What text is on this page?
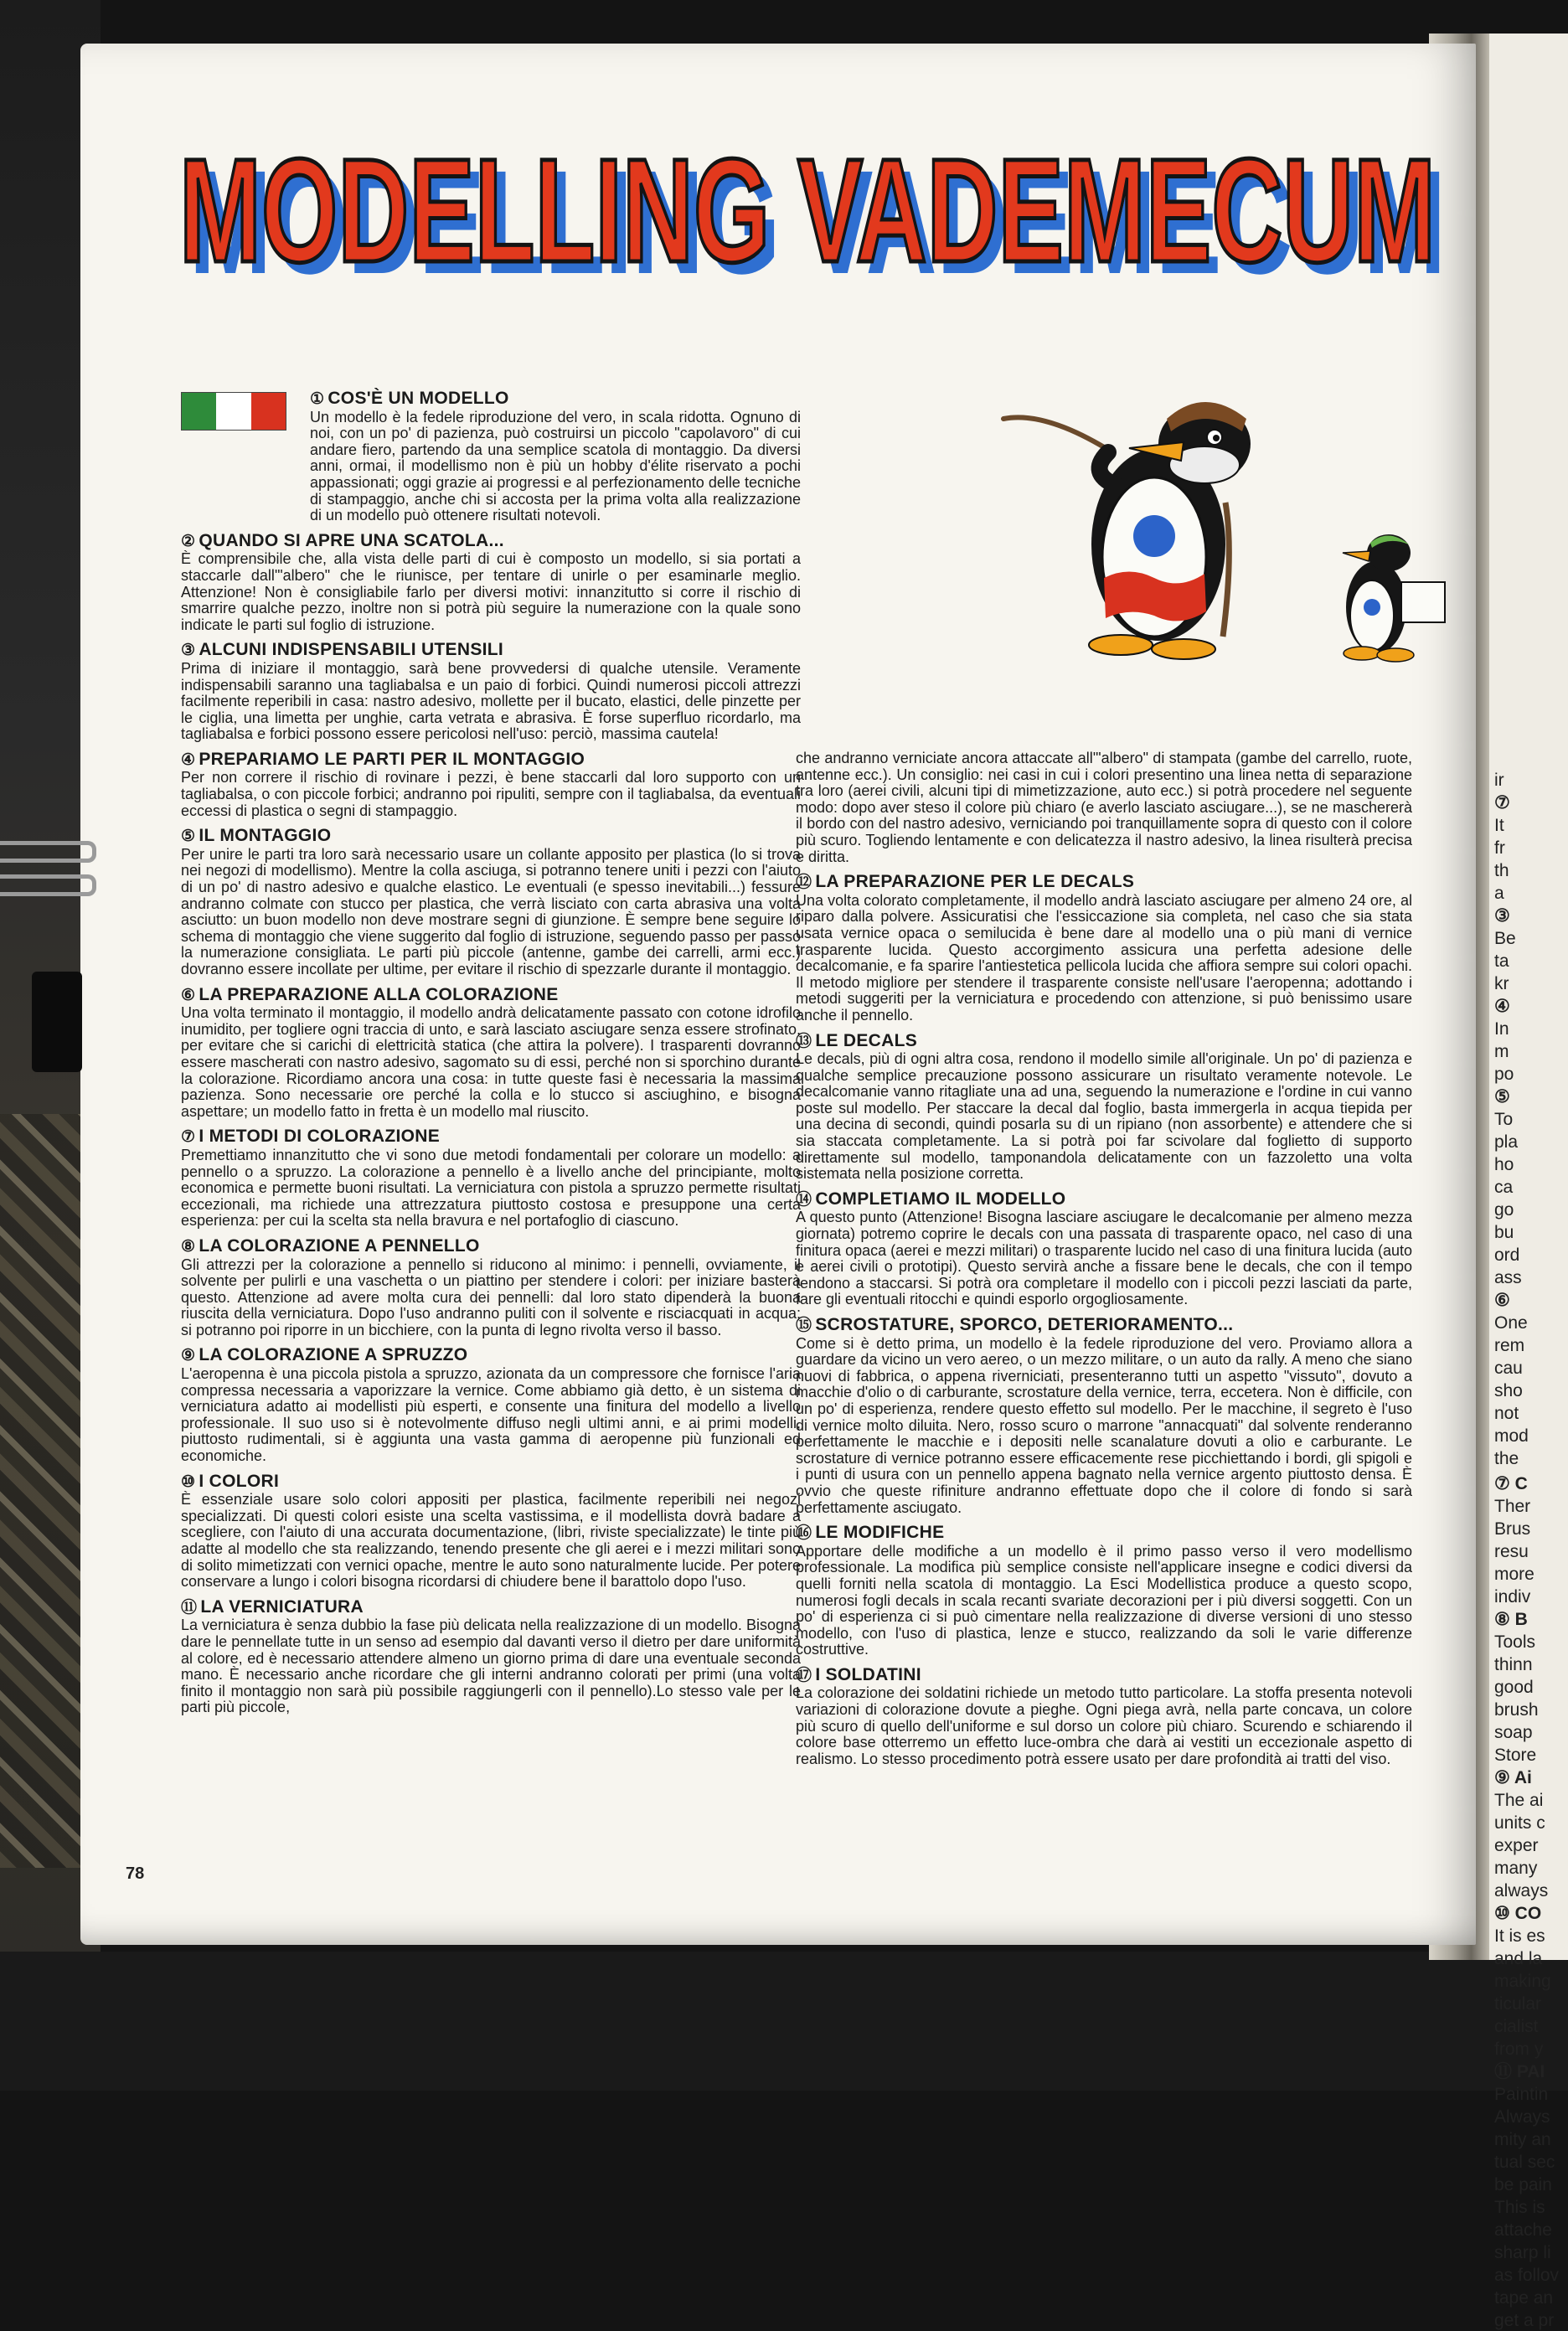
ir
⑦
It
fr
th
a
③
Be
ta
kr
④
In
m
po
⑤
To
pla
ho
ca
go
bu
ord
ass
⑥
One
rem
cau
sho
not
mod
the
⑦ C
Ther
Brus
resu
more
indiv
⑧ B
Tools
thinn
good
brush
soap
Store
⑨ Ai
The ai
units c
exper
many
always
⑩ CO
It is es
and la
making
ticular
cialist
from y
⑪ PAI
Paintin
Always
mity an
tual sec
be pain
This is
attache
sharp li
as follov
tape an
get a pr
MODELLING VADEMECUM
MODELLING VADEMECUM
① COS'È UN MODELLO

Un modello è la fedele riproduzione del vero, in scala ridotta. Ognuno di noi, con un po' di pazienza, può costruirsi un piccolo "capolavoro" di cui andare fiero, partendo da una semplice scatola di montaggio. Da diversi anni, ormai, il modellismo non è più un hobby d'élite riservato a pochi appassionati; oggi grazie ai progressi e al perfezionamento delle tecniche di stampaggio, anche chi si accosta per la prima volta alla realizzazione di un modello può ottenere risultati notevoli.

② QUANDO SI APRE UNA SCATOLA...

È comprensibile che, alla vista delle parti di cui è composto un modello, si sia portati a staccarle dall'"albero" che le riunisce, per tentare di unirle o per esaminarle meglio. Attenzione! Non è consigliabile farlo per diversi motivi: innanzitutto si corre il rischio di smarrire qualche pezzo, inoltre non si potrà più seguire la numerazione con la quale sono indicate le parti sul foglio di istruzione.

③ ALCUNI INDISPENSABILI UTENSILI

Prima di iniziare il montaggio, sarà bene provvedersi di qualche utensile. Veramente indispensabili saranno una tagliabalsa e un paio di forbici. Quindi numerosi piccoli attrezzi facilmente reperibili in casa: nastro adesivo, mollette per il bucato, elastici, delle pinzette per le ciglia, una limetta per unghie, carta vetrata e abrasiva. È forse superfluo ricordarlo, ma tagliabalsa e forbici possono essere pericolosi nell'uso: perciò, massima cautela!

④ PREPARIAMO LE PARTI PER IL MONTAGGIO

Per non correre il rischio di rovinare i pezzi, è bene staccarli dal loro supporto con un tagliabalsa, o con piccole forbici; andranno poi ripuliti, sempre con il tagliabalsa, da eventuali eccessi di plastica o segni di stampaggio.

⑤ IL MONTAGGIO

Per unire le parti tra loro sarà necessario usare un collante apposito per plastica (lo si trova nei negozi di modellismo). Mentre la colla asciuga, si potranno tenere uniti i pezzi con l'aiuto di un po' di nastro adesivo e qualche elastico. Le eventuali (e spesso inevitabili...) fessure andranno colmate con stucco per plastica, che verrà lisciato con carta abrasiva una volta asciutto: un buon modello non deve mostrare segni di giunzione. È sempre bene seguire lo schema di montaggio che viene suggerito dal foglio di istruzione, seguendo passo per passo la numerazione consigliata. Le parti più piccole (antenne, gambe dei carrelli, armi ecc.) dovranno essere incollate per ultime, per evitare il rischio di spezzarle durante il montaggio.

⑥ LA PREPARAZIONE ALLA COLORAZIONE

Una volta terminato il montaggio, il modello andrà delicatamente passato con cotone idrofilo inumidito, per togliere ogni traccia di unto, e sarà lasciato asciugare senza essere strofinato, per evitare che si carichi di elettricità statica (che attira la polvere). I trasparenti dovranno essere mascherati con nastro adesivo, sagomato su di essi, perché non si sporchino durante la colorazione. Ricordiamo ancora una cosa: in tutte queste fasi è necessaria la massima pazienza. Sono necessarie ore perché la colla e lo stucco si asciughino, e bisogna aspettare; un modello fatto in fretta è un modello mal riuscito.

⑦ I METODI DI COLORAZIONE

Premettiamo innanzitutto che vi sono due metodi fondamentali per colorare un modello: a pennello o a spruzzo. La colorazione a pennello è a livello anche del principiante, molto economica e permette buoni risultati. La verniciatura con pistola a spruzzo permette risultati eccezionali, ma richiede una attrezzatura piuttosto costosa e presuppone una certa esperienza: per cui la scelta sta nella bravura e nel portafoglio di ciascuno.

⑧ LA COLORAZIONE A PENNELLO

Gli attrezzi per la colorazione a pennello si riducono al minimo: i pennelli, ovviamente, il solvente per pulirli e una vaschetta o un piattino per stendere i colori: per iniziare basterà questo. Attenzione ad avere molta cura dei pennelli: dal loro stato dipenderà la buona riuscita della verniciatura. Dopo l'uso andranno puliti con il solvente e risciacquati in acqua; si potranno poi riporre in un bicchiere, con la punta di legno rivolta verso il basso.

⑨ LA COLORAZIONE A SPRUZZO

L'aeropenna è una piccola pistola a spruzzo, azionata da un compressore che fornisce l'aria compressa necessaria a vaporizzare la vernice. Come abbiamo già detto, è un sistema di verniciatura adatto ai modellisti più esperti, e consente una finitura del modello a livello professionale. Il suo uso si è notevolmente diffuso negli ultimi anni, e ai primi modelli, piuttosto rudimentali, si è aggiunta una vasta gamma di aeropenne più funzionali ed economiche.

⑩ I COLORI

È essenziale usare solo colori appositi per plastica, facilmente reperibili nei negozi specializzati. Di questi colori esiste una scelta vastissima, e il modellista dovrà badare a scegliere, con l'aiuto di una accurata documentazione, (libri, riviste specializzate) le tinte più adatte al modello che sta realizzando, tenendo presente che gli aerei e i mezzi militari sono di solito mimetizzati con vernici opache, mentre le auto sono naturalmente lucide. Per potere conservare a lungo i colori bisogna ricordarsi di chiudere bene il barattolo dopo l'uso.

⑪ LA VERNICIATURA

La verniciatura è senza dubbio la fase più delicata nella realizzazione di un modello. Bisogna dare le pennellate tutte in un senso ad esempio dal davanti verso il dietro per dare uniformità al colore, ed è necessario attendere almeno un giorno prima di dare una eventuale seconda mano. È necessario anche ricordare che gli interni andranno colorati per primi (una volta finito il montaggio non sarà più possibile raggiungerli con il pennello).Lo stesso vale per le parti più piccole,

che andranno verniciate ancora attaccate all'"albero" di stampata (gambe del carrello, ruote, antenne ecc.). Un consiglio: nei casi in cui i colori presentino una linea netta di separazione tra loro (aerei civili, alcuni tipi di mimetizzazione, auto ecc.) si potrà procedere nel seguente modo: dopo aver steso il colore più chiaro (e averlo lasciato asciugare...), se ne maschererà il bordo con del nastro adesivo, verniciando poi tranquillamente sopra di questo con il colore più scuro. Togliendo lentamente e con delicatezza il nastro adesivo, la linea risulterà precisa e diritta.

⑫ LA PREPARAZIONE PER LE DECALS

Una volta colorato completamente, il modello andrà lasciato asciugare per almeno 24 ore, al riparo dalla polvere. Assicuratisi che l'essiccazione sia completa, nel caso che sia stata usata vernice opaca o semilucida è bene dare al modello una o più mani di vernice trasparente lucida. Questo accorgimento assicura una perfetta adesione delle decalcomanie, e fa sparire l'antiestetica pellicola lucida che affiora sempre sui colori opachi. Il metodo migliore per stendere il trasparente consiste nell'usare l'aeropenna; adottando i metodi suggeriti per la verniciatura e procedendo con attenzione, si può benissimo usare anche il pennello.

⑬ LE DECALS

Le decals, più di ogni altra cosa, rendono il modello simile all'originale. Un po' di pazienza e qualche semplice precauzione possono assicurare un risultato veramente notevole. Le decalcomanie vanno ritagliate una ad una, seguendo la numerazione e l'ordine in cui vanno poste sul modello. Per staccare la decal dal foglio, basta immergerla in acqua tiepida per una decina di secondi, quindi posarla su di un ripiano (non assorbente) e attendere che si sia staccata completamente. La si potrà poi far scivolare dal foglietto di supporto direttamente sul modello, tamponandola delicatamente con un fazzoletto una volta sistemata nella posizione corretta.

⑭ COMPLETIAMO IL MODELLO

A questo punto (Attenzione! Bisogna lasciare asciugare le decalcomanie per almeno mezza giornata) potremo coprire le decals con una passata di trasparente opaco, nel caso di una finitura opaca (aerei e mezzi militari) o trasparente lucido nel caso di una finitura lucida (auto e aerei civili o prototipi). Questo servirà anche a fissare bene le decals, che con il tempo tendono a staccarsi. Si potrà ora completare il modello con i piccoli pezzi lasciati da parte, fare gli eventuali ritocchi e quindi esporlo orgogliosamente.

⑮ SCROSTATURE, SPORCO, DETERIORAMENTO...

Come si è detto prima, un modello è la fedele riproduzione del vero. Proviamo allora a guardare da vicino un vero aereo, o un mezzo militare, o un auto da rally. A meno che siano nuovi di fabbrica, o appena riverniciati, presenteranno tutti un aspetto "vissuto", dovuto a macchie d'olio o di carburante, scrostature della vernice, terra, eccetera. Non è difficile, con un po' di esperienza, rendere questo effetto sul modello. Per le macchine, il segreto è l'uso di vernice molto diluita. Nero, rosso scuro o marrone "annacquati" dal solvente renderanno perfettamente le macchie e i depositi nelle scanalature dovuti a olio e carburante. Le scrostature di vernice potranno essere efficacemente rese picchiettando i bordi, gli spigoli e i punti di usura con un pennello appena bagnato nella vernice argento piuttosto densa. È ovvio che queste rifiniture andranno effettuate dopo che il colore di fondo si sarà perfettamente asciugato.

⑯ LE MODIFICHE

Apportare delle modifiche a un modello è il primo passo verso il vero modellismo professionale. La modifica più semplice consiste nell'applicare insegne e codici diversi da quelli forniti nella scatola di montaggio. La Esci Modellistica produce a questo scopo, numerosi fogli decals in scala recanti svariate decorazioni per i più diversi soggetti. Con un po' di esperienza ci si può cimentare nella realizzazione di diverse versioni di uno stesso modello, con l'uso di plastica, lenze e stucco, realizzando da soli le varie differenze costruttive.

⑰ I SOLDATINI

La colorazione dei soldatini richiede un metodo tutto particolare. La stoffa presenta notevoli variazioni di colorazione dovute a pieghe. Ogni piega avrà, nella parte concava, un colore più scuro di quello dell'uniforme e sul dorso un colore più chiaro. Scurendo e schiarendo il colore base otterremo un effetto luce-ombra che darà ai vestiti un eccezionale aspetto di realismo. Lo stesso procedimento potrà essere usato per dare profondità ai tratti del viso.

78
